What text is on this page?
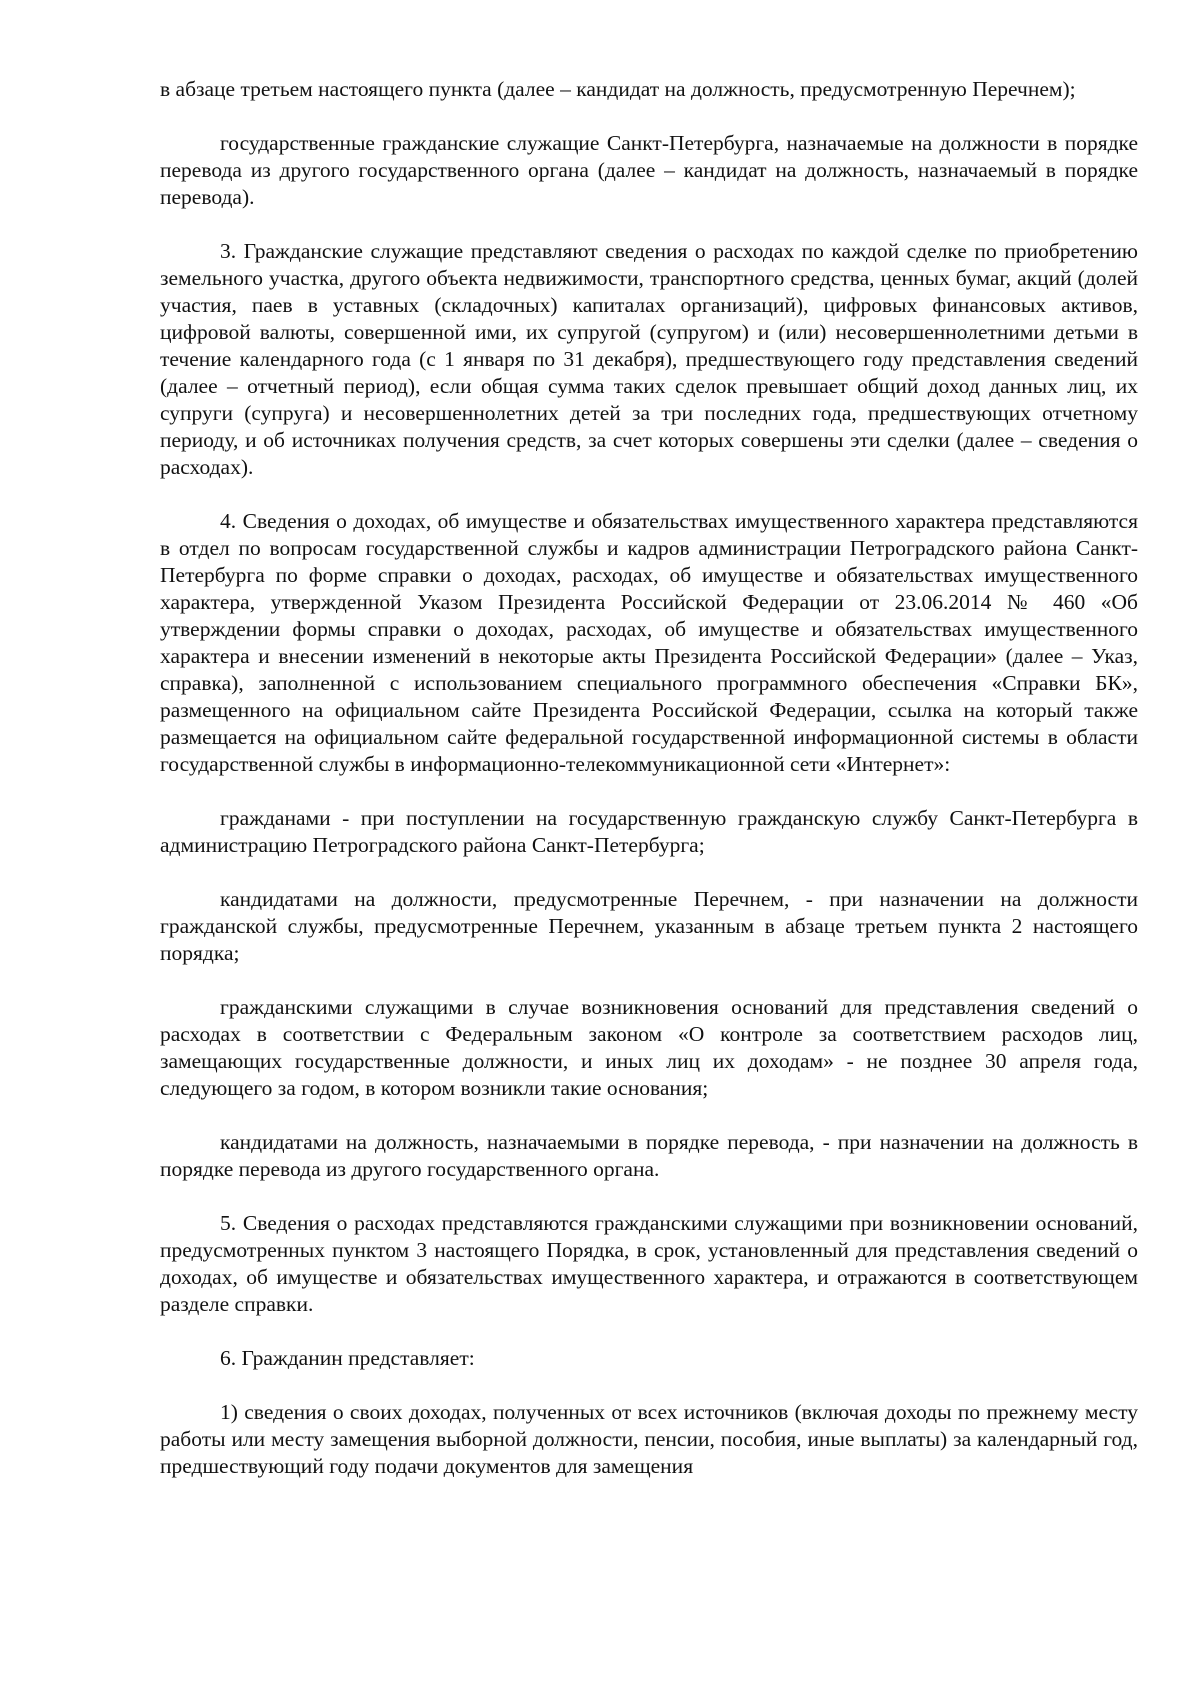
в абзаце третьем настоящего пункта (далее – кандидат на должность, предусмотренную Перечнем);

государственные гражданские служащие Санкт-Петербурга, назначаемые на должности в порядке перевода из другого государственного органа (далее – кандидат на должность, назначаемый в порядке перевода).

3. Гражданские служащие представляют сведения о расходах по каждой сделке по приобретению земельного участка, другого объекта недвижимости, транспортного средства, ценных бумаг, акций (долей участия, паев в уставных (складочных) капиталах организаций), цифровых финансовых активов, цифровой валюты, совершенной ими, их супругой (супругом) и (или) несовершеннолетними детьми в течение календарного года (с 1 января по 31 декабря), предшествующего году представления сведений (далее – отчетный период), если общая сумма таких сделок превышает общий доход данных лиц, их супруги (супруга) и несовершеннолетних детей за три последних года, предшествующих отчетному периоду, и об источниках получения средств, за счет которых совершены эти сделки (далее – сведения о расходах).

4. Сведения о доходах, об имуществе и обязательствах имущественного характера представляются в отдел по вопросам государственной службы и кадров администрации Петроградского района Санкт-Петербурга по форме справки о доходах, расходах, об имуществе и обязательствах имущественного характера, утвержденной Указом Президента Российской Федерации от 23.06.2014 № 460 «Об утверждении формы справки о доходах, расходах, об имуществе и обязательствах имущественного характера и внесении изменений в некоторые акты Президента Российской Федерации» (далее – Указ, справка), заполненной с использованием специального программного обеспечения «Справки БК», размещенного на официальном сайте Президента Российской Федерации, ссылка на который также размещается на официальном сайте федеральной государственной информационной системы в области государственной службы в информационно-телекоммуникационной сети «Интернет»:

гражданами - при поступлении на государственную гражданскую службу Санкт-Петербурга в администрацию Петроградского района Санкт-Петербурга;

кандидатами на должности, предусмотренные Перечнем, - при назначении на должности гражданской службы, предусмотренные Перечнем, указанным в абзаце третьем пункта 2 настоящего порядка;

гражданскими служащими в случае возникновения оснований для представления сведений о расходах в соответствии с Федеральным законом «О контроле за соответствием расходов лиц, замещающих государственные должности, и иных лиц их доходам» - не позднее 30 апреля года, следующего за годом, в котором возникли такие основания;

кандидатами на должность, назначаемыми в порядке перевода, - при назначении на должность в порядке перевода из другого государственного органа.

5. Сведения о расходах представляются гражданскими служащими при возникновении оснований, предусмотренных пунктом 3 настоящего Порядка, в срок, установленный для представления сведений о доходах, об имуществе и обязательствах имущественного характера, и отражаются в соответствующем разделе справки.

6. Гражданин представляет:

1) сведения о своих доходах, полученных от всех источников (включая доходы по прежнему месту работы или месту замещения выборной должности, пенсии, пособия, иные выплаты) за календарный год, предшествующий году подачи документов для замещения
